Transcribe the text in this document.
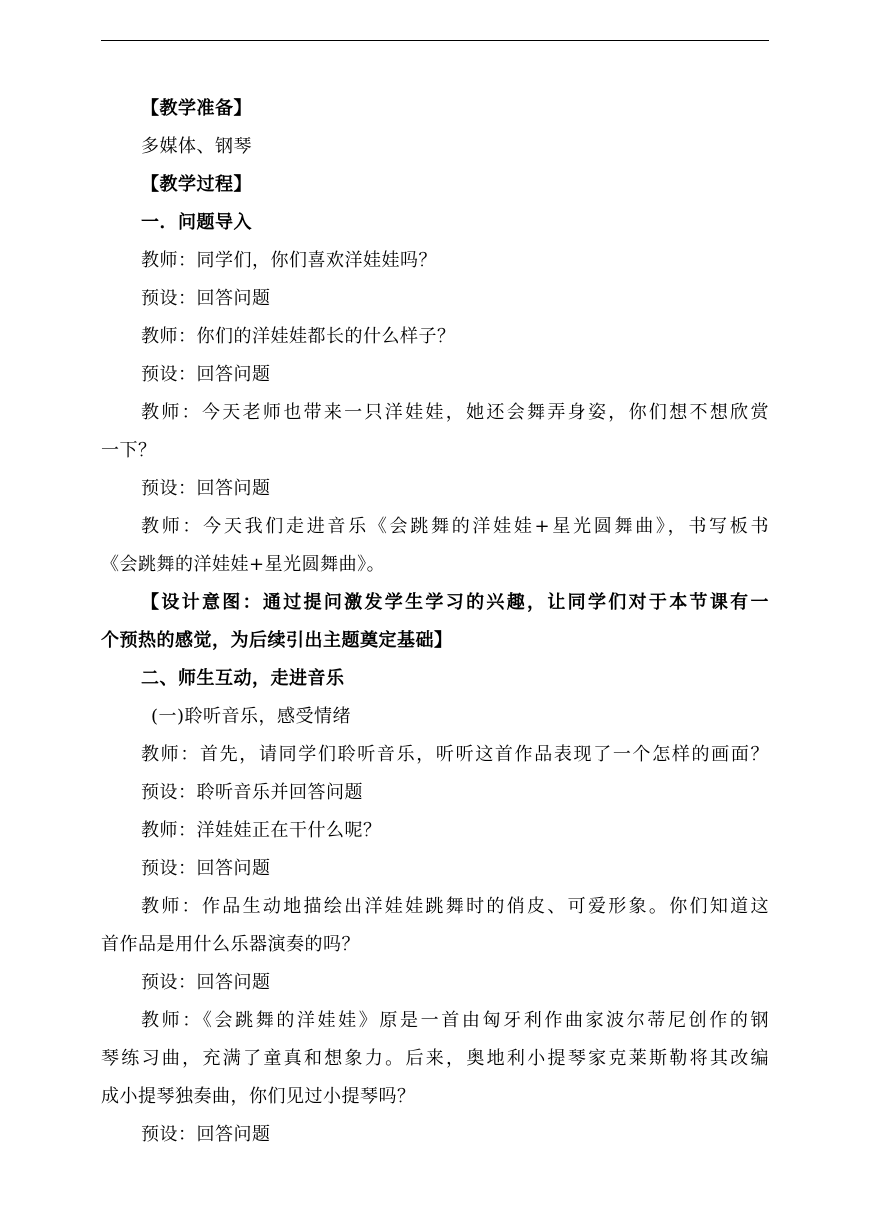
【教学准备】
多媒体、钢琴
【教学过程】
一．问题导入
教师：同学们，你们喜欢洋娃娃吗？
预设：回答问题
教师：你们的洋娃娃都长的什么样子？
预设：回答问题
教师：今天老师也带来一只洋娃娃，她还会舞弄身姿，你们想不想欣赏
一下？
预设：回答问题
教师：今天我们走进音乐《会跳舞的洋娃娃+星光圆舞曲》，书写板书
《会跳舞的洋娃娃+星光圆舞曲》。
【设计意图：通过提问激发学生学习的兴趣，让同学们对于本节课有一
个预热的感觉，为后续引出主题奠定基础】
二、师生互动，走进音乐
(一)聆听音乐，感受情绪
教师：首先，请同学们聆听音乐，听听这首作品表现了一个怎样的画面？
预设：聆听音乐并回答问题
教师：洋娃娃正在干什么呢？
预设：回答问题
教师：作品生动地描绘出洋娃娃跳舞时的俏皮、可爱形象。你们知道这
首作品是用什么乐器演奏的吗？
预设：回答问题
教师：《会跳舞的洋娃娃》原是一首由匈牙利作曲家波尔蒂尼创作的钢
琴练习曲，充满了童真和想象力。后来，奥地利小提琴家克莱斯勒将其改编
成小提琴独奏曲，你们见过小提琴吗？
预设：回答问题
